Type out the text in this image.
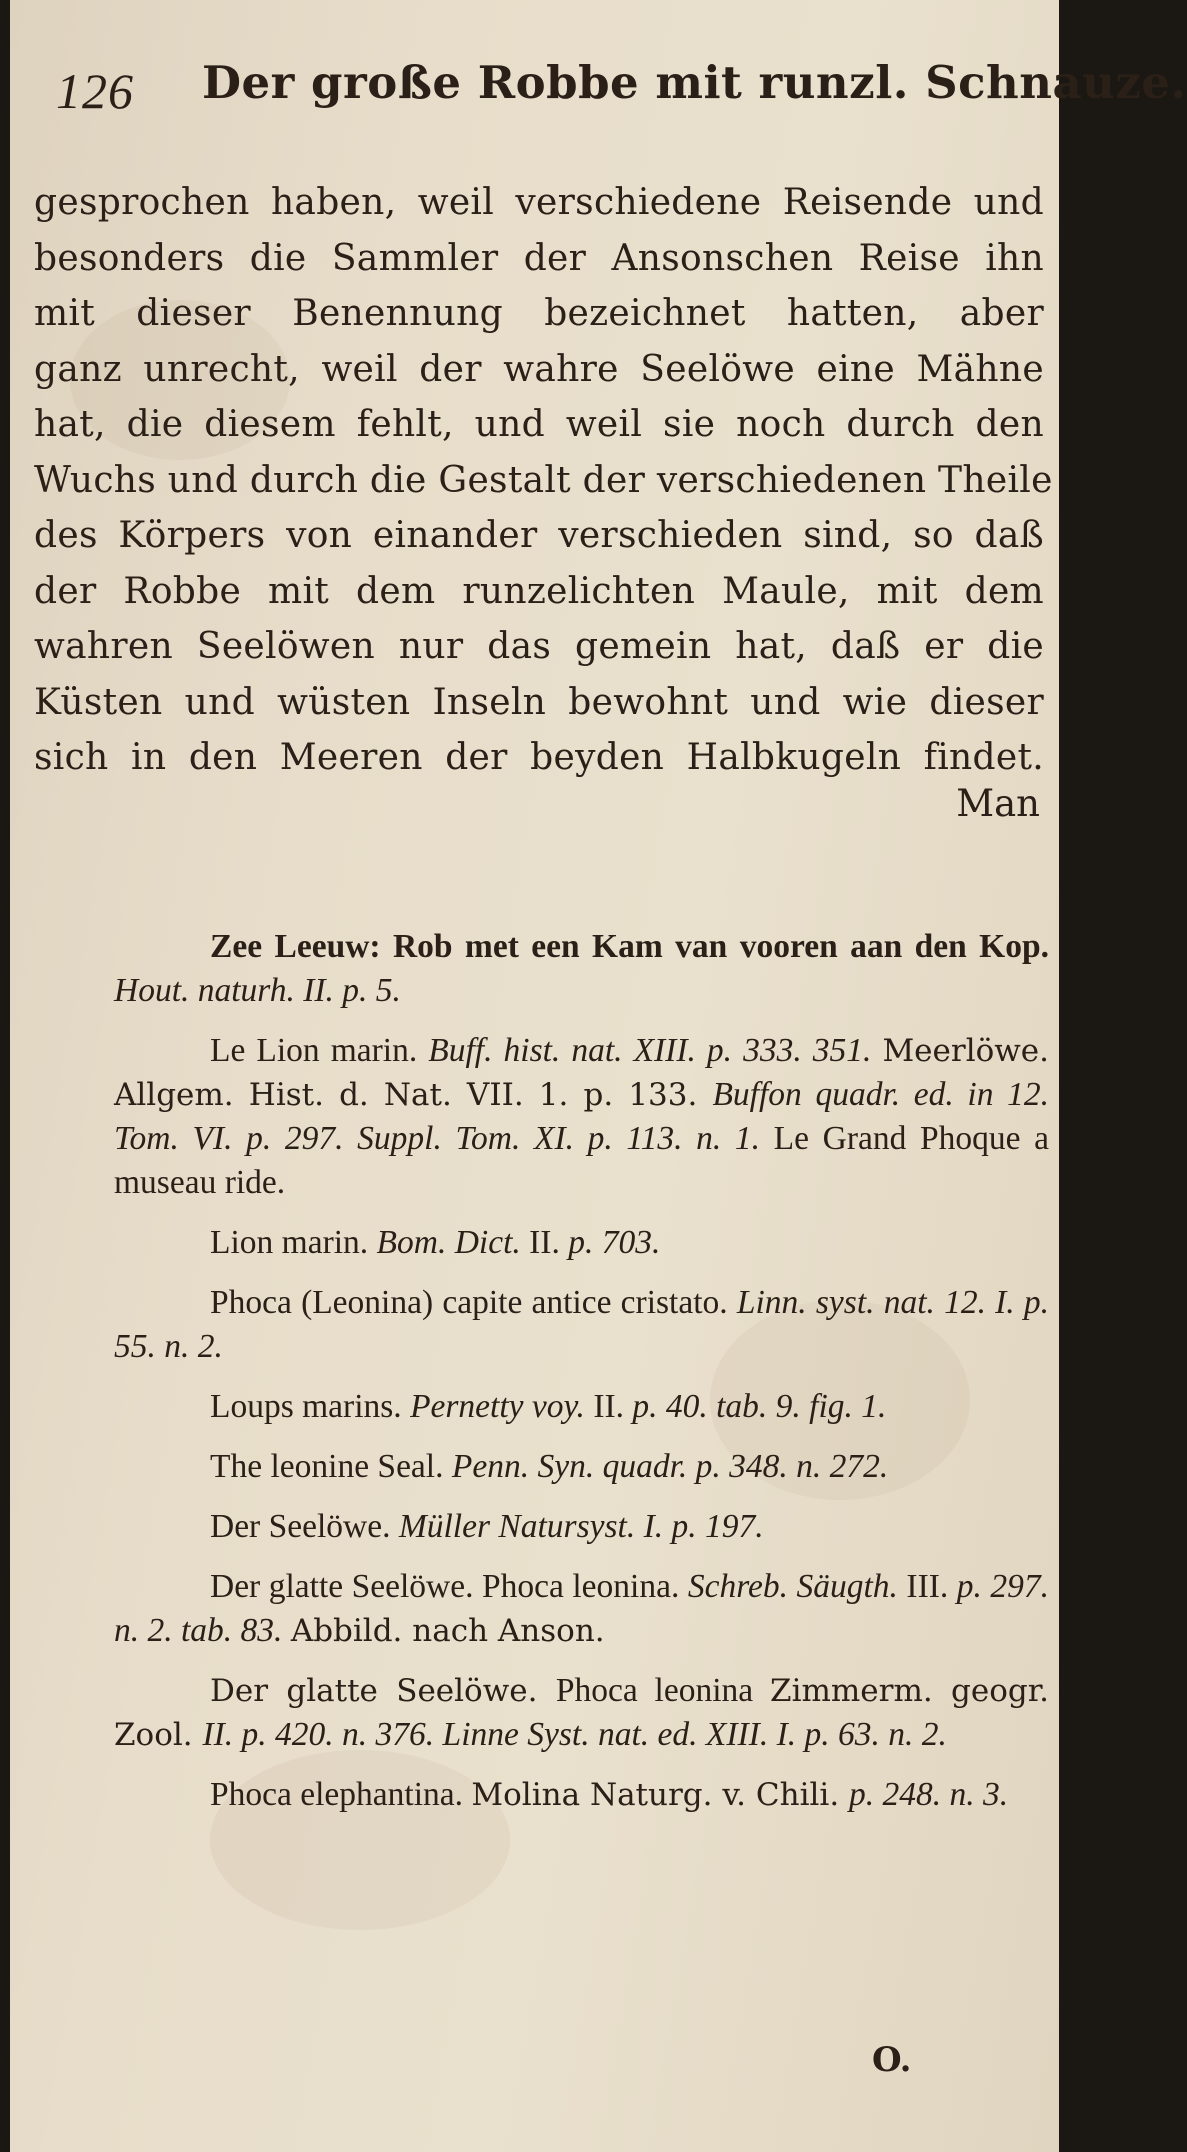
126 Der große Robbe mit runzl. Schnauze.

gesprochen haben, weil verschiedene Reisende und
besonders die Sammler der Ansonschen Reise ihn
mit dieser Benennung bezeichnet hatten, aber
ganz unrecht, weil der wahre Seelöwe eine Mähne
hat, die diesem fehlt, und weil sie noch durch den
Wuchs und durch die Gestalt der verschiedenen Theile
des Körpers von einander verschieden sind, so daß
der Robbe mit dem runzelichten Maule, mit dem
wahren Seelöwen nur das gemein hat, daß er die
Küsten und wüsten Inseln bewohnt und wie dieser
sich in den Meeren der beyden Halbkugeln findet.

Man
Zee Leeuw: Rob met een Kam van vooren aan den Kop. Hout. naturh. II. p. 5.
Le Lion marin. Buff. hist. nat. XIII. p. 333. 351. Meerlöwe. Allgem. Hist. d. Nat. VII. 1. p. 133. Buffon quadr. ed. in 12. Tom. VI. p. 297. Suppl. Tom. XI. p. 113. n. 1. Le Grand Phoque a museau ride.
Lion marin. Bom. Dict. II. p. 703.
Phoca (Leonina) capite antice cristato. Linn. syst. nat. 12. I. p. 55. n. 2.
Loups marins. Pernetty voy. II. p. 40. tab. 9. fig. 1.
The leonine Seal. Penn. Syn. quadr. p. 348. n. 272.
Der Seelöwe. Müller Natursyst. I. p. 197.
Der glatte Seelöwe. Phoca leonina. Schreb. Säugth. III. p. 297. n. 2. tab. 83. Abbild. nach Anson.
Der glatte Seelöwe. Phoca leonina Zimmerm. geogr. Zool. II. p. 420. n. 376. Linne Syst. nat. ed. XIII. I. p. 63. n. 2.
Phoca elephantina. Molina Naturg. v. Chili. p. 248. n. 3.
O.
